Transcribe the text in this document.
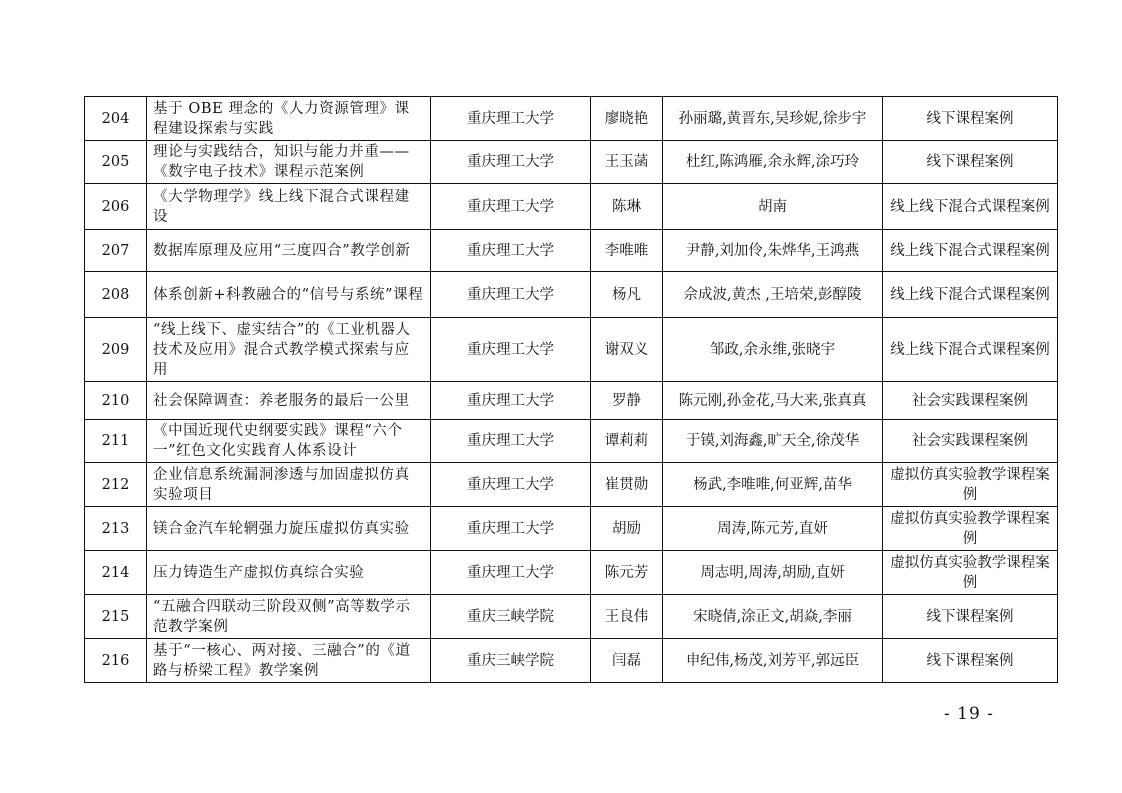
204	基于 OBE 理念的《人力资源管理》课程建设探索与实践	重庆理工大学	廖晓艳	孙丽璐,黄晋东,吴珍妮,徐步宇	线下课程案例
205	理论与实践结合，知识与能力并重——《数字电子技术》课程示范案例	重庆理工大学	王玉菡	杜红,陈鸿雁,余永辉,涂巧玲	线下课程案例
206	《大学物理学》线上线下混合式课程建设	重庆理工大学	陈琳	胡南	线上线下混合式课程案例
207	数据库原理及应用“三度四合”教学创新	重庆理工大学	李唯唯	尹静,刘加伶,朱烨华,王鸿燕	线上线下混合式课程案例
208	体系创新+科教融合的“信号与系统”课程	重庆理工大学	杨凡	佘成波,黄杰 ,王培荣,彭醇陵	线上线下混合式课程案例
209	“线上线下、虚实结合”的《工业机器人技术及应用》混合式教学模式探索与应用	重庆理工大学	谢双义	邹政,余永维,张晓宇	线上线下混合式课程案例
210	社会保障调查：养老服务的最后一公里	重庆理工大学	罗静	陈元刚,孙金花,马大来,张真真	社会实践课程案例
211	《中国近现代史纲要实践》课程“六个一”红色文化实践育人体系设计	重庆理工大学	谭莉莉	于镆,刘海鑫,旷天全,徐茂华	社会实践课程案例
212	企业信息系统漏洞渗透与加固虚拟仿真实验项目	重庆理工大学	崔贯勋	杨武,李唯唯,何亚辉,苗华	虚拟仿真实验教学课程案例
213	镁合金汽车轮辋强力旋压虚拟仿真实验	重庆理工大学	胡励	周涛,陈元芳,直妍	虚拟仿真实验教学课程案例
214	压力铸造生产虚拟仿真综合实验	重庆理工大学	陈元芳	周志明,周涛,胡励,直妍	虚拟仿真实验教学课程案例
215	“五融合四联动三阶段双侧”高等数学示范教学案例	重庆三峡学院	王良伟	宋晓倩,涂正文,胡焱,李丽	线下课程案例
216	基于“一核心、两对接、三融合”的《道路与桥梁工程》教学案例	重庆三峡学院	闫磊	申纪伟,杨茂,刘芳平,郭远臣	线下课程案例
- 19 -
